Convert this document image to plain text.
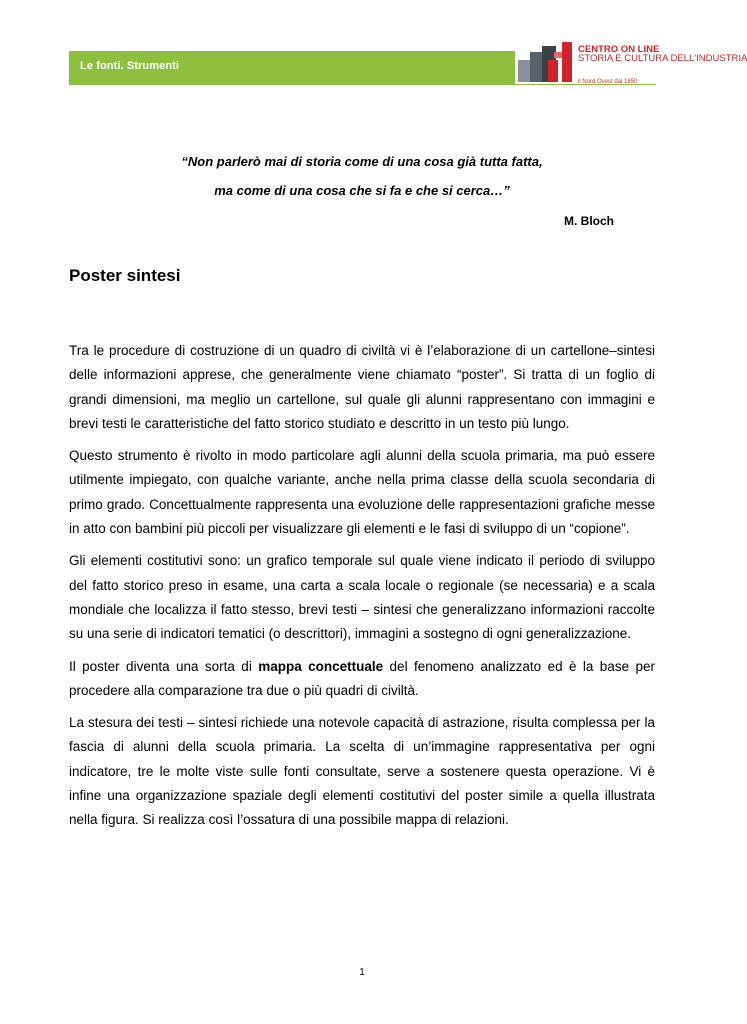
Le fonti. Strumenti
CENTRO ON LINE
STORIA E CULTURA DELL'INDUSTRIA
il Nord Ovest dal 1850
“Non parlerò mai di storia come di una cosa già tutta fatta,
ma come di una cosa che si fa e che si cerca…”
M. Bloch
Poster sintesi

Tra le procedure di costruzione di un quadro di civiltà vi è l’elaborazione di un cartellone–sintesi delle informazioni apprese, che generalmente viene chiamato “poster”. Si tratta di un foglio di grandi dimensioni, ma meglio un cartellone, sul quale gli alunni rappresentano con immagini e brevi testi le caratteristiche del fatto storico studiato e descritto in un testo più lungo.

Questo strumento è rivolto in modo particolare agli alunni della scuola primaria, ma può essere utilmente impiegato, con qualche variante, anche nella prima classe della scuola secondaria di primo grado. Concettualmente rappresenta una evoluzione delle rappresentazioni grafiche messe in atto con bambini più piccoli per visualizzare gli elementi e le fasi di sviluppo di un “copione”.

Gli elementi costitutivi sono: un grafico temporale sul quale viene indicato il periodo di sviluppo del fatto storico preso in esame, una carta a scala locale o regionale (se necessaria) e a scala mondiale che localizza il fatto stesso, brevi testi – sintesi che generalizzano informazioni raccolte su una serie di indicatori tematici (o descrittori), immagini a sostegno di ogni generalizzazione.

Il poster diventa una sorta di mappa concettuale del fenomeno analizzato ed è la base per procedere alla comparazione tra due o più quadri di civiltà.

La stesura dei testi – sintesi richiede una notevole capacità di astrazione, risulta complessa per la fascia di alunni della scuola primaria. La scelta di un’immagine rappresentativa per ogni indicatore, tre le molte viste sulle fonti consultate, serve a sostenere questa operazione. Vi è infine una organizzazione spaziale degli elementi costitutivi del poster simile a quella illustrata nella figura. Si realizza così l’ossatura di una possibile mappa di relazioni.

1
